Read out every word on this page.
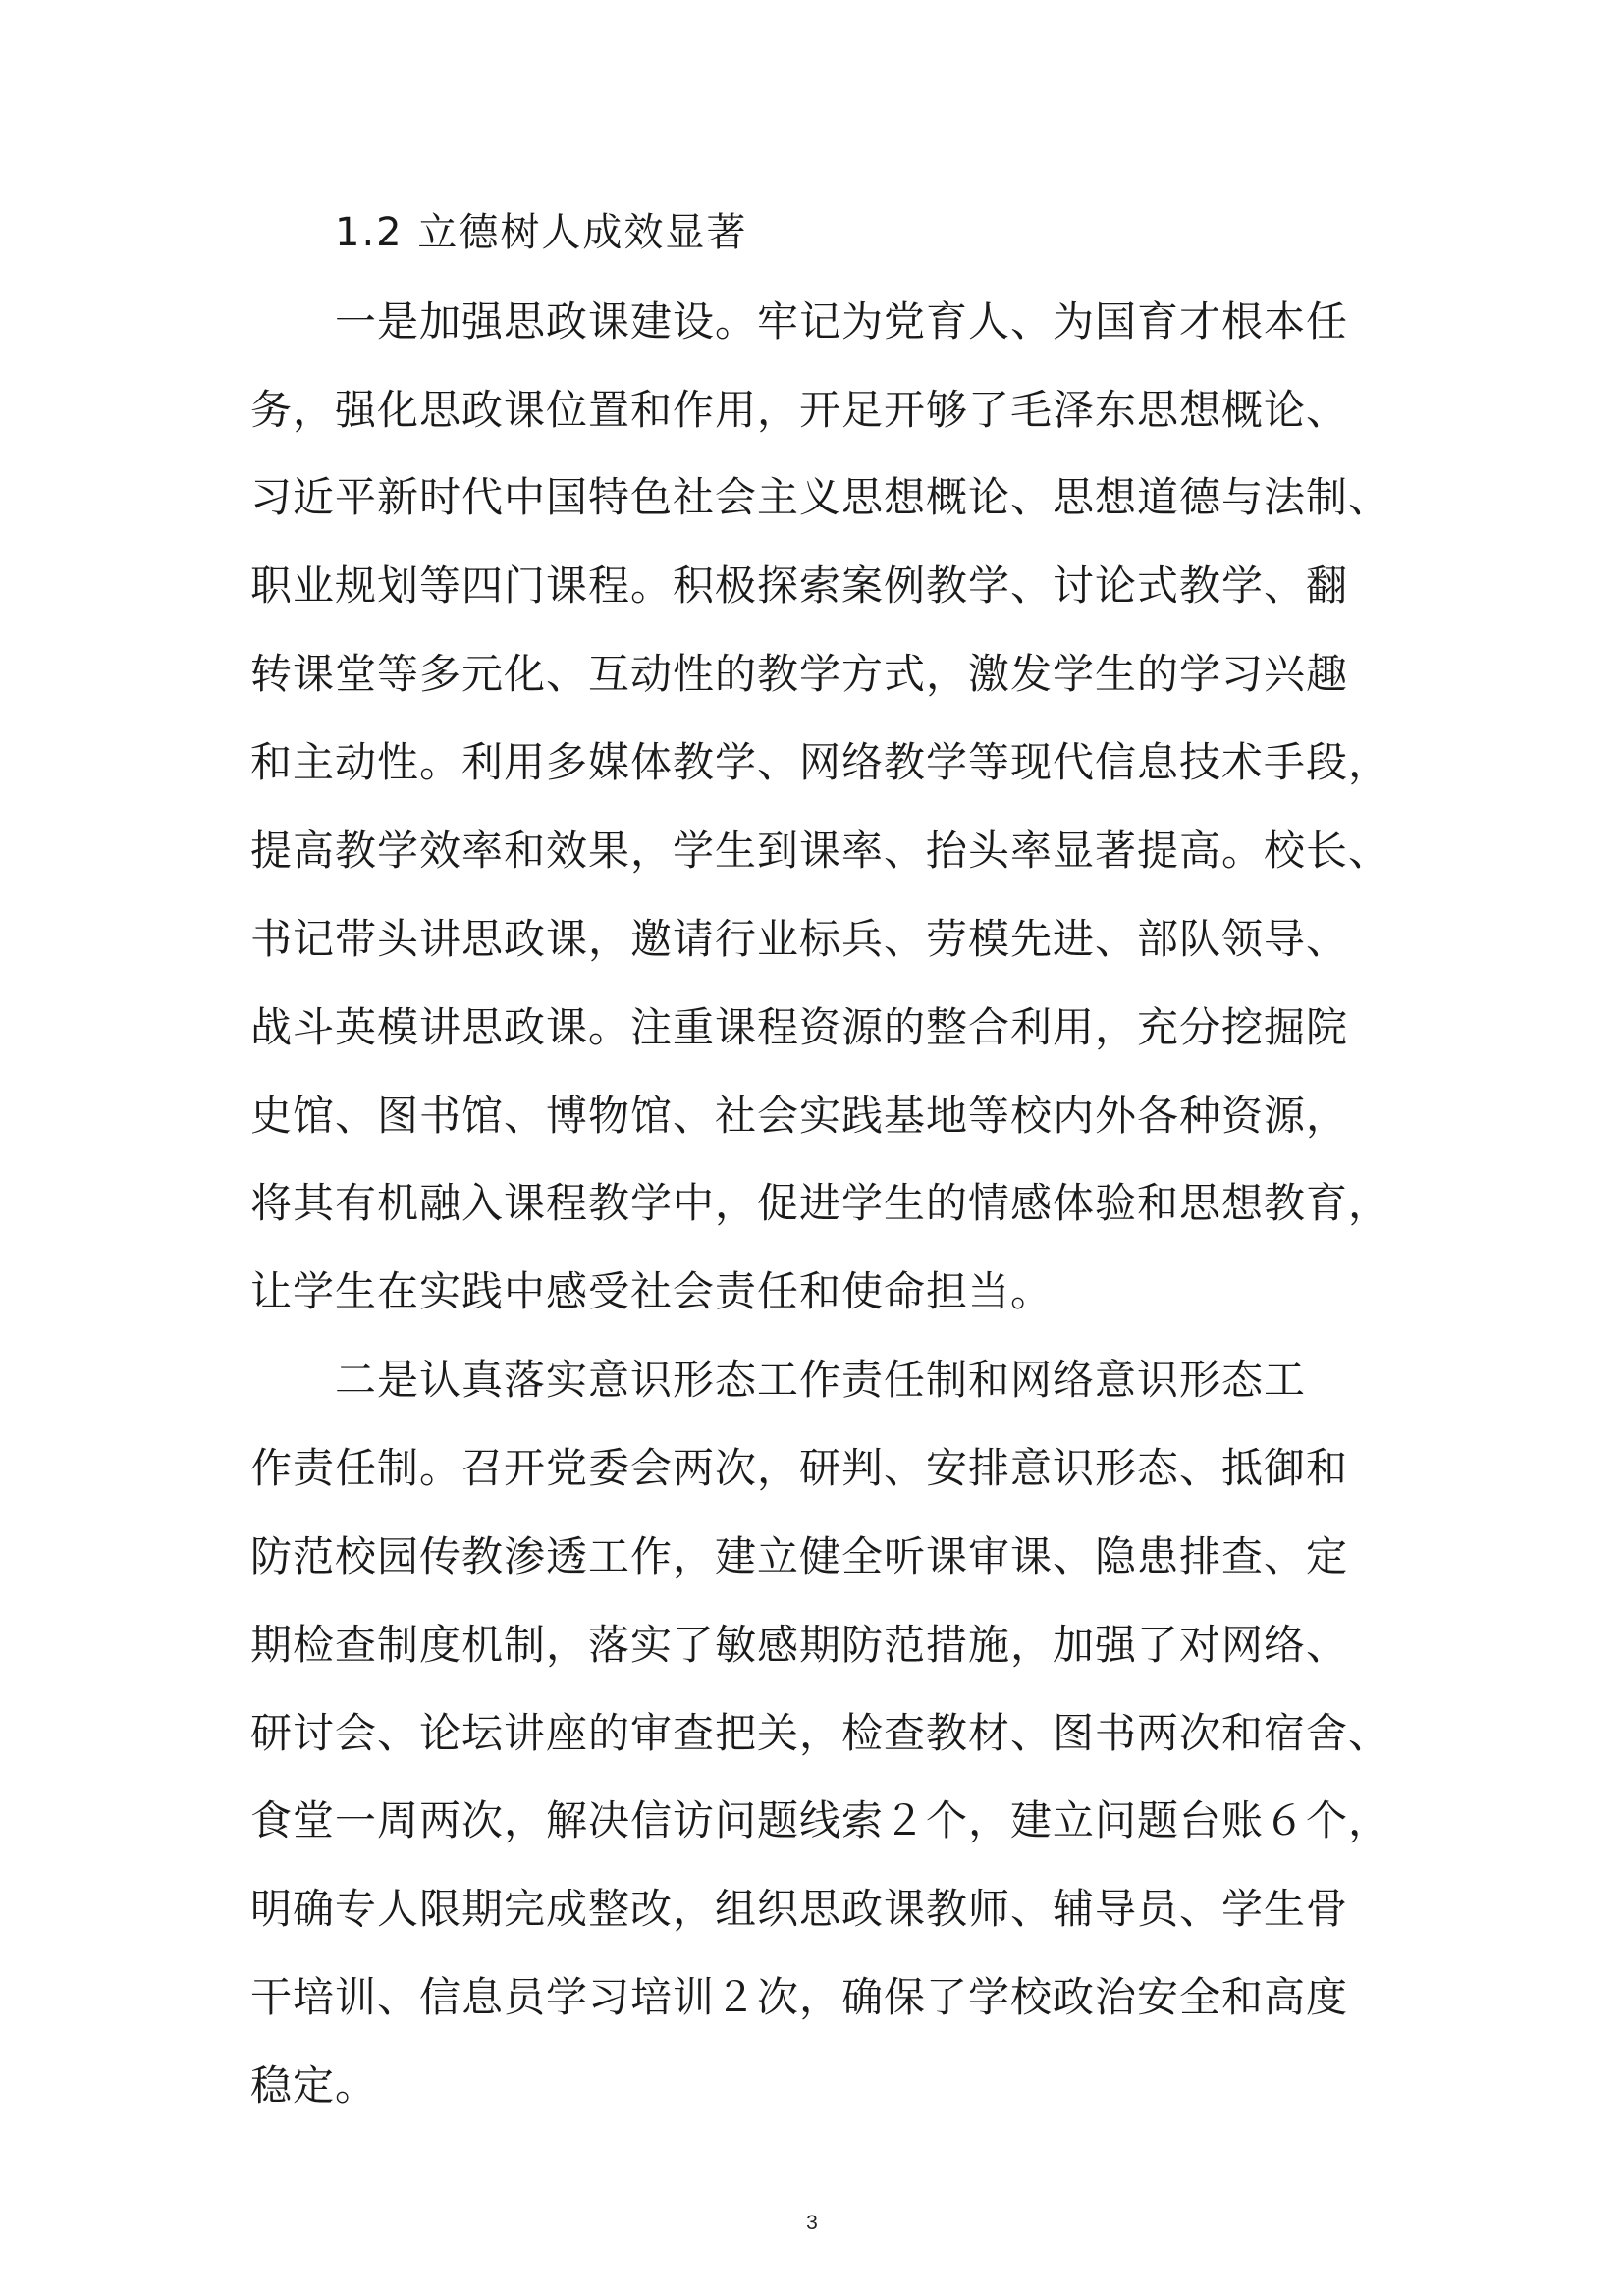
1.2 立德树人成效显著
一是加强思政课建设。牢记为党育人、为国育才根本任
务，强化思政课位置和作用，开足开够了毛泽东思想概论、
习近平新时代中国特色社会主义思想概论、思想道德与法制、
职业规划等四门课程。积极探索案例教学、讨论式教学、翻
转课堂等多元化、互动性的教学方式，激发学生的学习兴趣
和主动性。利用多媒体教学、网络教学等现代信息技术手段，
提高教学效率和效果，学生到课率、抬头率显著提高。校长、
书记带头讲思政课，邀请行业标兵、劳模先进、部队领导、
战斗英模讲思政课。注重课程资源的整合利用，充分挖掘院
史馆、图书馆、博物馆、社会实践基地等校内外各种资源，
将其有机融入课程教学中，促进学生的情感体验和思想教育，
让学生在实践中感受社会责任和使命担当。
二是认真落实意识形态工作责任制和网络意识形态工
作责任制。召开党委会两次，研判、安排意识形态、抵御和
防范校园传教渗透工作，建立健全听课审课、隐患排查、定
期检查制度机制，落实了敏感期防范措施，加强了对网络、
研讨会、论坛讲座的审查把关，检查教材、图书两次和宿舍、
食堂一周两次，解决信访问题线索２个，建立问题台账６个，
明确专人限期完成整改，组织思政课教师、辅导员、学生骨
干培训、信息员学习培训２次，确保了学校政治安全和高度
稳定。
3
